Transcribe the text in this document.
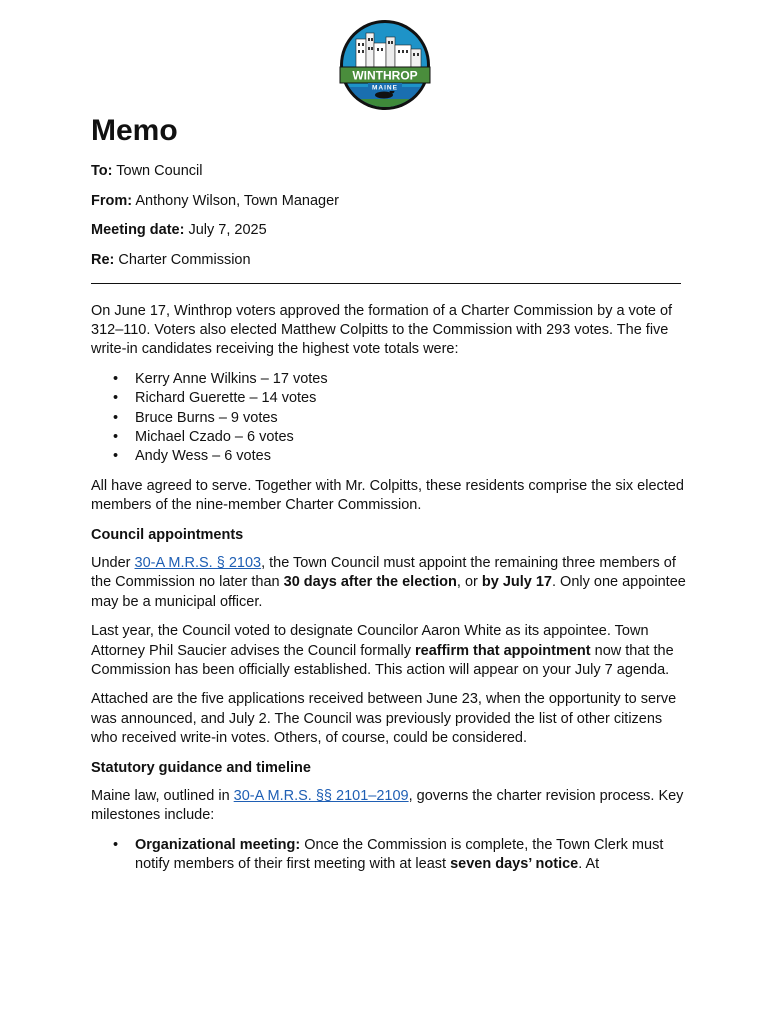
WINTHROP
MAINE
Memo
To: Town Council
From: Anthony Wilson, Town Manager
Meeting date: July 7, 2025
Re: Charter Commission

On June 17, Winthrop voters approved the formation of a Charter Commission by a vote of 312–110. Voters also elected Matthew Colpitts to the Commission with 293 votes. The five write-in candidates receiving the highest vote totals were:

• Kerry Anne Wilkins – 17 votes
• Richard Guerette – 14 votes
• Bruce Burns – 9 votes
• Michael Czado – 6 votes
• Andy Wess – 6 votes

All have agreed to serve. Together with Mr. Colpitts, these residents comprise the six elected members of the nine-member Charter Commission.

Council appointments

Under 30-A M.R.S. § 2103, the Town Council must appoint the remaining three members of the Commission no later than 30 days after the election, or by July 17. Only one appointee may be a municipal officer.

Last year, the Council voted to designate Councilor Aaron White as its appointee. Town Attorney Phil Saucier advises the Council formally reaffirm that appointment now that the Commission has been officially established. This action will appear on your July 7 agenda.

Attached are the five applications received between June 23, when the opportunity to serve was announced, and July 2. The Council was previously provided the list of other citizens who received write-in votes. Others, of course, could be considered.

Statutory guidance and timeline

Maine law, outlined in 30-A M.R.S. §§ 2101–2109, governs the charter revision process. Key milestones include:

• Organizational meeting: Once the Commission is complete, the Town Clerk must notify members of their first meeting with at least seven days’ notice. At
